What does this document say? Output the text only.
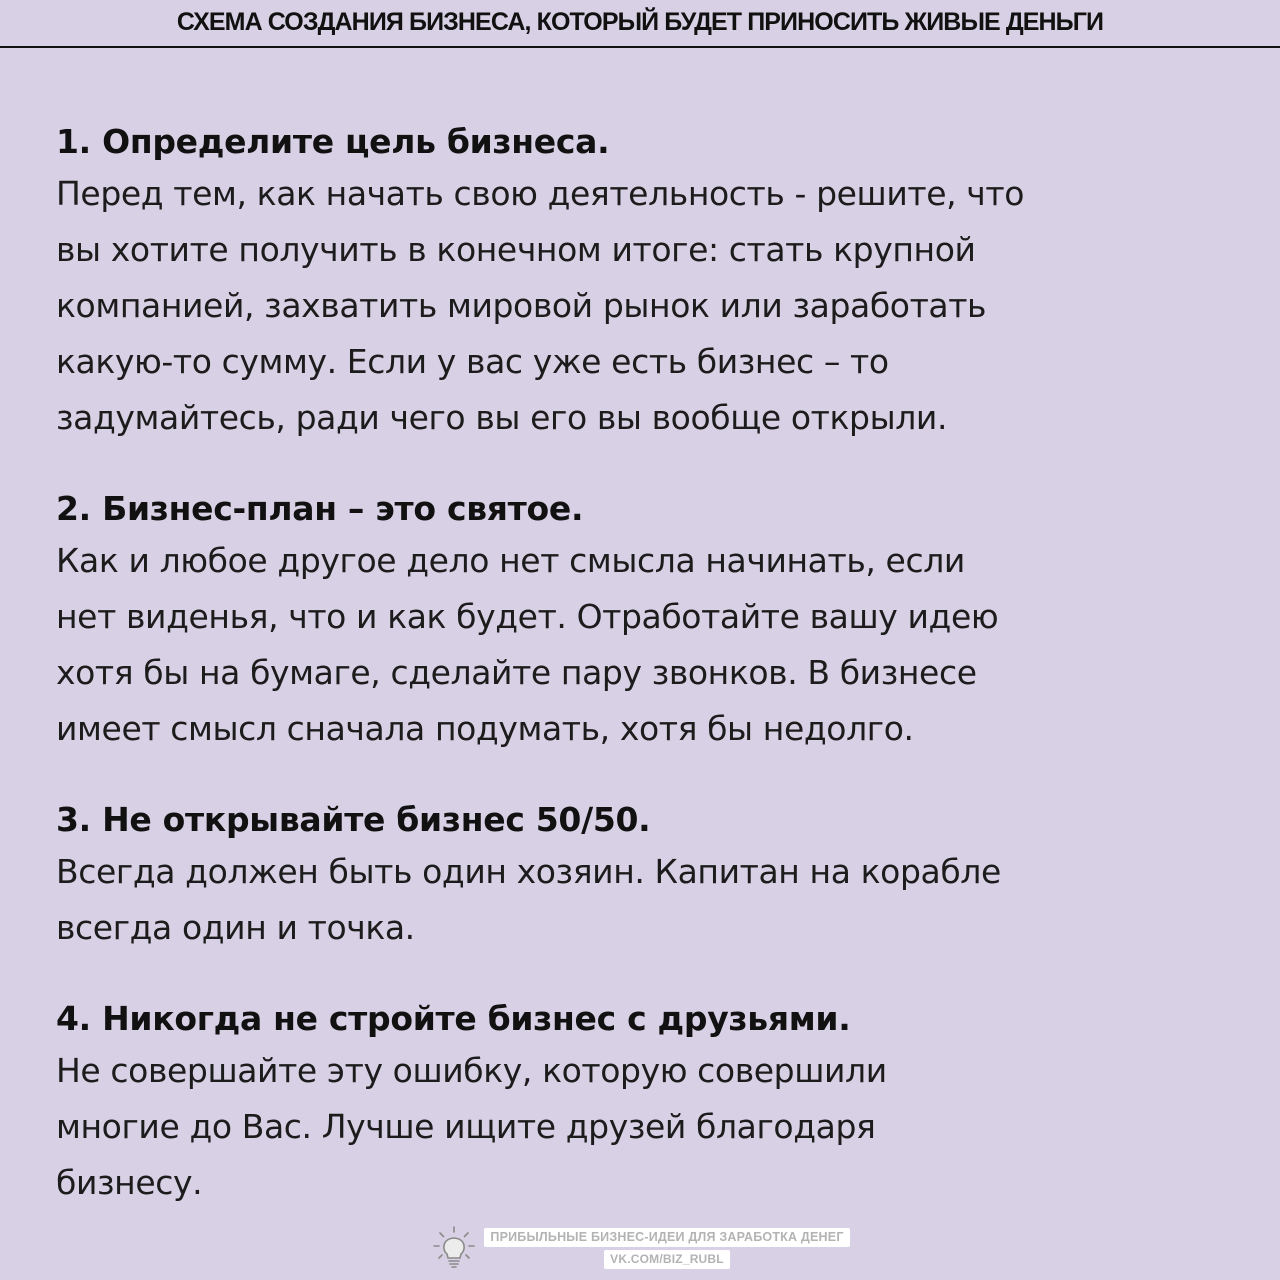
СХЕМА СОЗДАНИЯ БИЗНЕСА, КОТОРЫЙ БУДЕТ ПРИНОСИТЬ ЖИВЫЕ ДЕНЬГИ
1. Определите цель бизнеса.
Перед тем, как начать свою деятельность - решите, что
вы хотите получить в конечном итоге: стать крупной
компанией, захватить мировой рынок или заработать
какую-то сумму. Если у вас уже есть бизнес – то
задумайтесь, ради чего вы его вы вообще открыли.
2. Бизнес-план – это святое.
Как и любое другое дело нет смысла начинать, если
нет виденья, что и как будет. Отработайте вашу идею
хотя бы на бумаге, сделайте пару звонков. В бизнесе
имеет смысл сначала подумать, хотя бы недолго.
3. Не открывайте бизнес 50/50.
Всегда должен быть один хозяин. Капитан на корабле
всегда один и точка.
4. Никогда не стройте бизнес с друзьями.
Не совершайте эту ошибку, которую совершили
многие до Вас. Лучше ищите друзей благодаря
бизнесу.
ПРИБЫЛЬНЫЕ БИЗНЕС-ИДЕИ ДЛЯ ЗАРАБОТКА ДЕНЕГ
VK.COM/BIZ_RUBL
